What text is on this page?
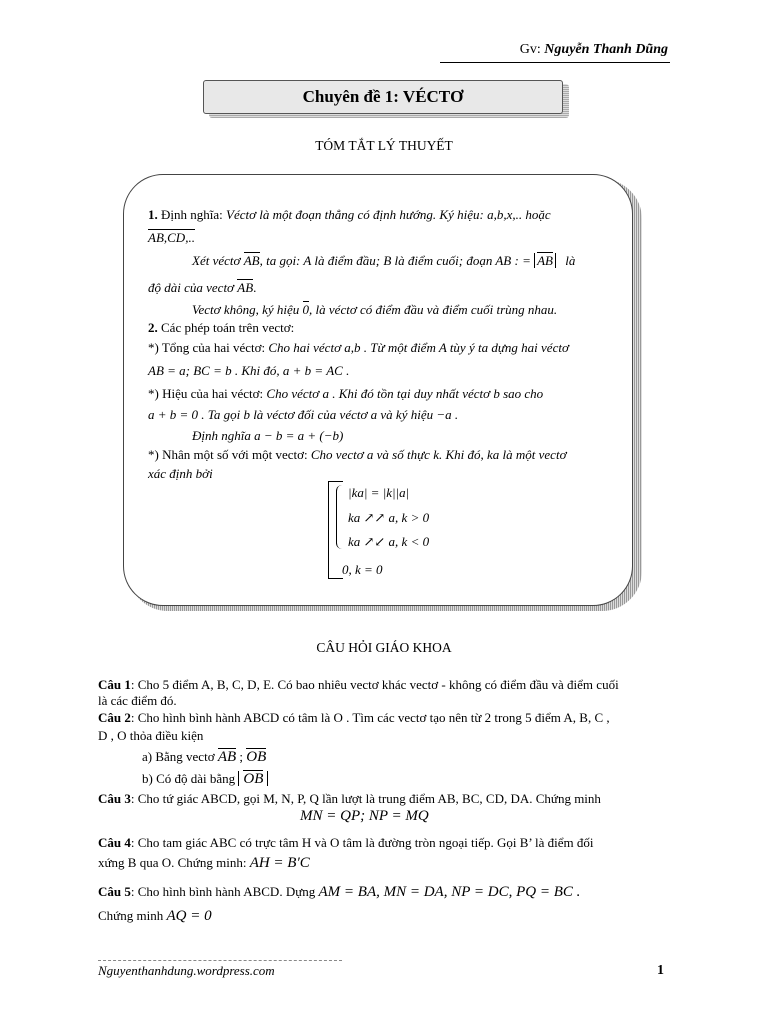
Gv: Nguyễn Thanh Dũng
Chuyên đề 1: VÉCTƠ
TÓM TẮT LÝ THUYẾT
1. Định nghĩa: Véctơ là một đoạn thẳng có định hướng. Ký hiệu: a,b,x,.. hoặc
AB,CD,..
Xét véctơ AB, ta gọi: A là điểm đầu; B là điểm cuối; đoạn AB : = AB là
độ dài của vectơ AB.
Vectơ không, ký hiệu 0, là véctơ có điểm đầu và điểm cuối trùng nhau.
2. Các phép toán trên vectơ:
*) Tổng của hai véctơ: Cho hai véctơ a,b . Từ một điểm A tùy ý ta dựng hai véctơ
AB = a; BC = b . Khi đó, a + b = AC .
*) Hiệu của hai véctơ: Cho véctơ a . Khi đó tồn tại duy nhất véctơ b sao cho
a + b = 0 . Ta gọi b là véctơ đối của véctơ a và ký hiệu −a .
Định nghĩa a − b = a + (−b)
*) Nhân một số với một vectơ: Cho vectơ a và số thực k. Khi đó, ka là một vectơ
xác định bởi
|ka| = |k||a|
ka ↗↗ a, k > 0
ka ↗↙ a, k < 0
0, k = 0
CÂU HỎI GIÁO KHOA
Câu 1: Cho 5 điểm A, B, C, D, E. Có bao nhiêu vectơ khác vectơ - không có điểm đầu và điểm cuối
là các điểm đó.
Câu 2: Cho hình bình hành ABCD có tâm là O . Tìm các vectơ tạo nên từ 2 trong 5 điểm A, B, C ,
D , O thỏa điều kiện
a) Bằng vectơ AB ; OB
b) Có độ dài bằng OB
Câu 3: Cho tứ giác ABCD, gọi M, N, P, Q lần lượt là trung điểm AB, BC, CD, DA. Chứng minh
MN = QP; NP = MQ
Câu 4: Cho tam giác ABC có trực tâm H và O tâm là đường tròn ngoại tiếp. Gọi B’ là điểm đối
xứng B qua O. Chứng minh: AH = B′C
Câu 5: Cho hình bình hành ABCD. Dựng AM = BA, MN = DA, NP = DC, PQ = BC .
Chứng minh AQ = 0
Nguyenthanhdung.wordpress.com	1
